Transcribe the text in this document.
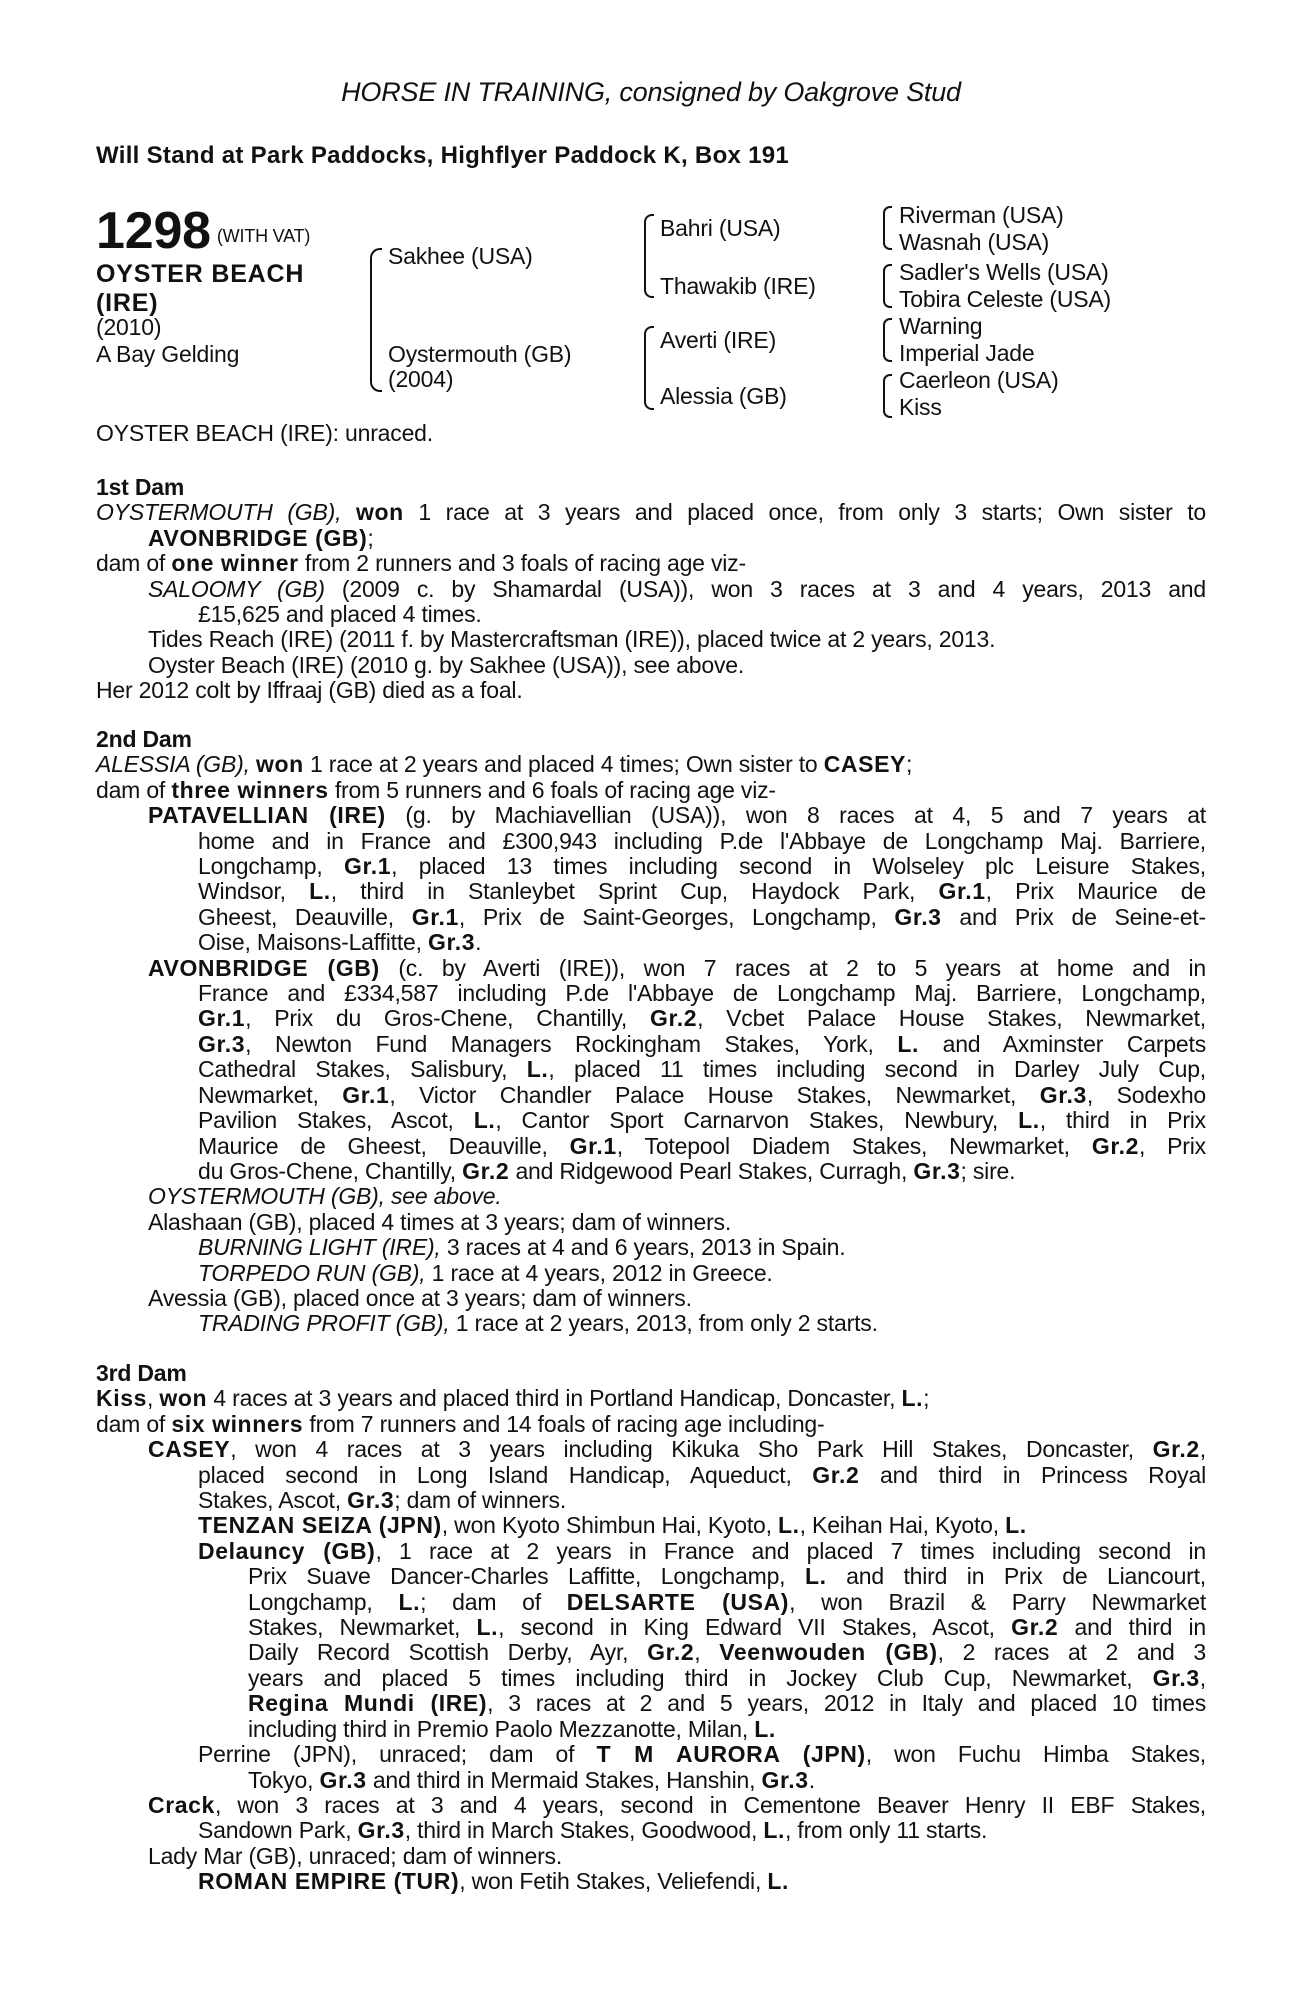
HORSE IN TRAINING, consigned by Oakgrove Stud
Will Stand at Park Paddocks, Highflyer Paddock K, Box 191
1298 $^{(WITH VAT)}$
OYSTER BEACH
(IRE)
(2010)
A Bay Gelding
Sakhee (USA)
Oystermouth (GB)
(2004)
Bahri (USA)
Thawakib (IRE)
Averti (IRE)
Alessia (GB)
Riverman (USA)
Wasnah (USA)
Sadler's Wells (USA)
Tobira Celeste (USA)
Warning
Imperial Jade
Caerleon (USA)
Kiss
OYSTER BEACH (IRE): unraced.
1st Dam
OYSTERMOUTH (GB), won 1 race at 3 years and placed once, from only 3 starts; Own sister to
AVONBRIDGE (GB);
dam of one winner from 2 runners and 3 foals of racing age viz-
SALOOMY (GB) (2009 c. by Shamardal (USA)), won 3 races at 3 and 4 years, 2013 and
£15,625 and placed 4 times.
Tides Reach (IRE) (2011 f. by Mastercraftsman (IRE)), placed twice at 2 years, 2013.
Oyster Beach (IRE) (2010 g. by Sakhee (USA)), see above.
Her 2012 colt by Iffraaj (GB) died as a foal.
2nd Dam
ALESSIA (GB), won 1 race at 2 years and placed 4 times; Own sister to CASEY;
dam of three winners from 5 runners and 6 foals of racing age viz-
PATAVELLIAN (IRE) (g. by Machiavellian (USA)), won 8 races at 4, 5 and 7 years at
home and in France and £300,943 including P.de l'Abbaye de Longchamp Maj. Barriere,
Longchamp, Gr.1, placed 13 times including second in Wolseley plc Leisure Stakes,
Windsor, L., third in Stanleybet Sprint Cup, Haydock Park, Gr.1, Prix Maurice de
Gheest, Deauville, Gr.1, Prix de Saint-Georges, Longchamp, Gr.3 and Prix de Seine-et-
Oise, Maisons-Laffitte, Gr.3.
AVONBRIDGE (GB) (c. by Averti (IRE)), won 7 races at 2 to 5 years at home and in
France and £334,587 including P.de l'Abbaye de Longchamp Maj. Barriere, Longchamp,
Gr.1, Prix du Gros-Chene, Chantilly, Gr.2, Vcbet Palace House Stakes, Newmarket,
Gr.3, Newton Fund Managers Rockingham Stakes, York, L. and Axminster Carpets
Cathedral Stakes, Salisbury, L., placed 11 times including second in Darley July Cup,
Newmarket, Gr.1, Victor Chandler Palace House Stakes, Newmarket, Gr.3, Sodexho
Pavilion Stakes, Ascot, L., Cantor Sport Carnarvon Stakes, Newbury, L., third in Prix
Maurice de Gheest, Deauville, Gr.1, Totepool Diadem Stakes, Newmarket, Gr.2, Prix
du Gros-Chene, Chantilly, Gr.2 and Ridgewood Pearl Stakes, Curragh, Gr.3; sire.
OYSTERMOUTH (GB), see above.
Alashaan (GB), placed 4 times at 3 years; dam of winners.
BURNING LIGHT (IRE), 3 races at 4 and 6 years, 2013 in Spain.
TORPEDO RUN (GB), 1 race at 4 years, 2012 in Greece.
Avessia (GB), placed once at 3 years; dam of winners.
TRADING PROFIT (GB), 1 race at 2 years, 2013, from only 2 starts.
3rd Dam
Kiss, won 4 races at 3 years and placed third in Portland Handicap, Doncaster, L.;
dam of six winners from 7 runners and 14 foals of racing age including-
CASEY, won 4 races at 3 years including Kikuka Sho Park Hill Stakes, Doncaster, Gr.2,
placed second in Long Island Handicap, Aqueduct, Gr.2 and third in Princess Royal
Stakes, Ascot, Gr.3; dam of winners.
TENZAN SEIZA (JPN), won Kyoto Shimbun Hai, Kyoto, L., Keihan Hai, Kyoto, L.
Delauncy (GB), 1 race at 2 years in France and placed 7 times including second in
Prix Suave Dancer-Charles Laffitte, Longchamp, L. and third in Prix de Liancourt,
Longchamp, L.; dam of DELSARTE (USA), won Brazil & Parry Newmarket
Stakes, Newmarket, L., second in King Edward VII Stakes, Ascot, Gr.2 and third in
Daily Record Scottish Derby, Ayr, Gr.2, Veenwouden (GB), 2 races at 2 and 3
years and placed 5 times including third in Jockey Club Cup, Newmarket, Gr.3,
Regina Mundi (IRE), 3 races at 2 and 5 years, 2012 in Italy and placed 10 times
including third in Premio Paolo Mezzanotte, Milan, L.
Perrine (JPN), unraced; dam of T M AURORA (JPN), won Fuchu Himba Stakes,
Tokyo, Gr.3 and third in Mermaid Stakes, Hanshin, Gr.3.
Crack, won 3 races at 3 and 4 years, second in Cementone Beaver Henry II EBF Stakes,
Sandown Park, Gr.3, third in March Stakes, Goodwood, L., from only 11 starts.
Lady Mar (GB), unraced; dam of winners.
ROMAN EMPIRE (TUR), won Fetih Stakes, Veliefendi, L.
